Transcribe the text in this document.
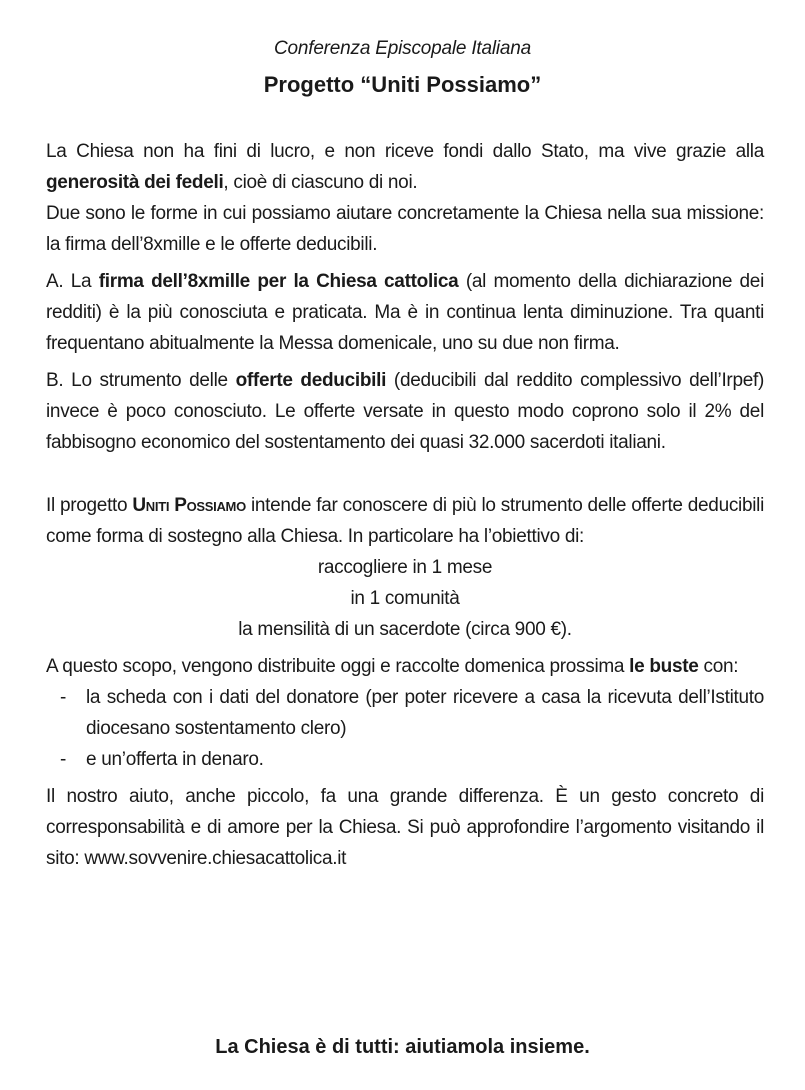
Conferenza Episcopale Italiana
Progetto “Uniti Possiamo”

La Chiesa non ha fini di lucro, e non riceve fondi dallo Stato, ma vive grazie alla generosità dei fedeli, cioè di ciascuno di noi.

Due sono le forme in cui possiamo aiutare concretamente la Chiesa nella sua missione: la firma dell’8xmille e le offerte deducibili.

A. La firma dell’8xmille per la Chiesa cattolica (al momento della dichiarazione dei redditi) è la più conosciuta e praticata. Ma è in continua lenta diminuzione. Tra quanti frequentano abitualmente la Messa domenicale, uno su due non firma.

B. Lo strumento delle offerte deducibili (deducibili dal reddito complessivo dell’Irpef) invece è poco conosciuto. Le offerte versate in questo modo coprono solo il 2% del fabbisogno economico del sostentamento dei quasi 32.000 sacerdoti italiani.

Il progetto Uniti Possiamo intende far conoscere di più lo strumento delle offerte deducibili come forma di sostegno alla Chiesa. In particolare ha l’obiettivo di:

raccogliere in 1 mese

in 1 comunità

la mensilità di un sacerdote (circa 900 €).

A questo scopo, vengono distribuite oggi e raccolte domenica prossima le buste con:

- la scheda con i dati del donatore (per poter ricevere a casa la ricevuta dell’Istituto diocesano sostentamento clero)
- e un’offerta in denaro.

Il nostro aiuto, anche piccolo, fa una grande differenza. È un gesto concreto di corresponsabilità e di amore per la Chiesa. Si può approfondire l’argomento visitando il sito: www.sovvenire.chiesacattolica.it

La Chiesa è di tutti: aiutiamola insieme.
